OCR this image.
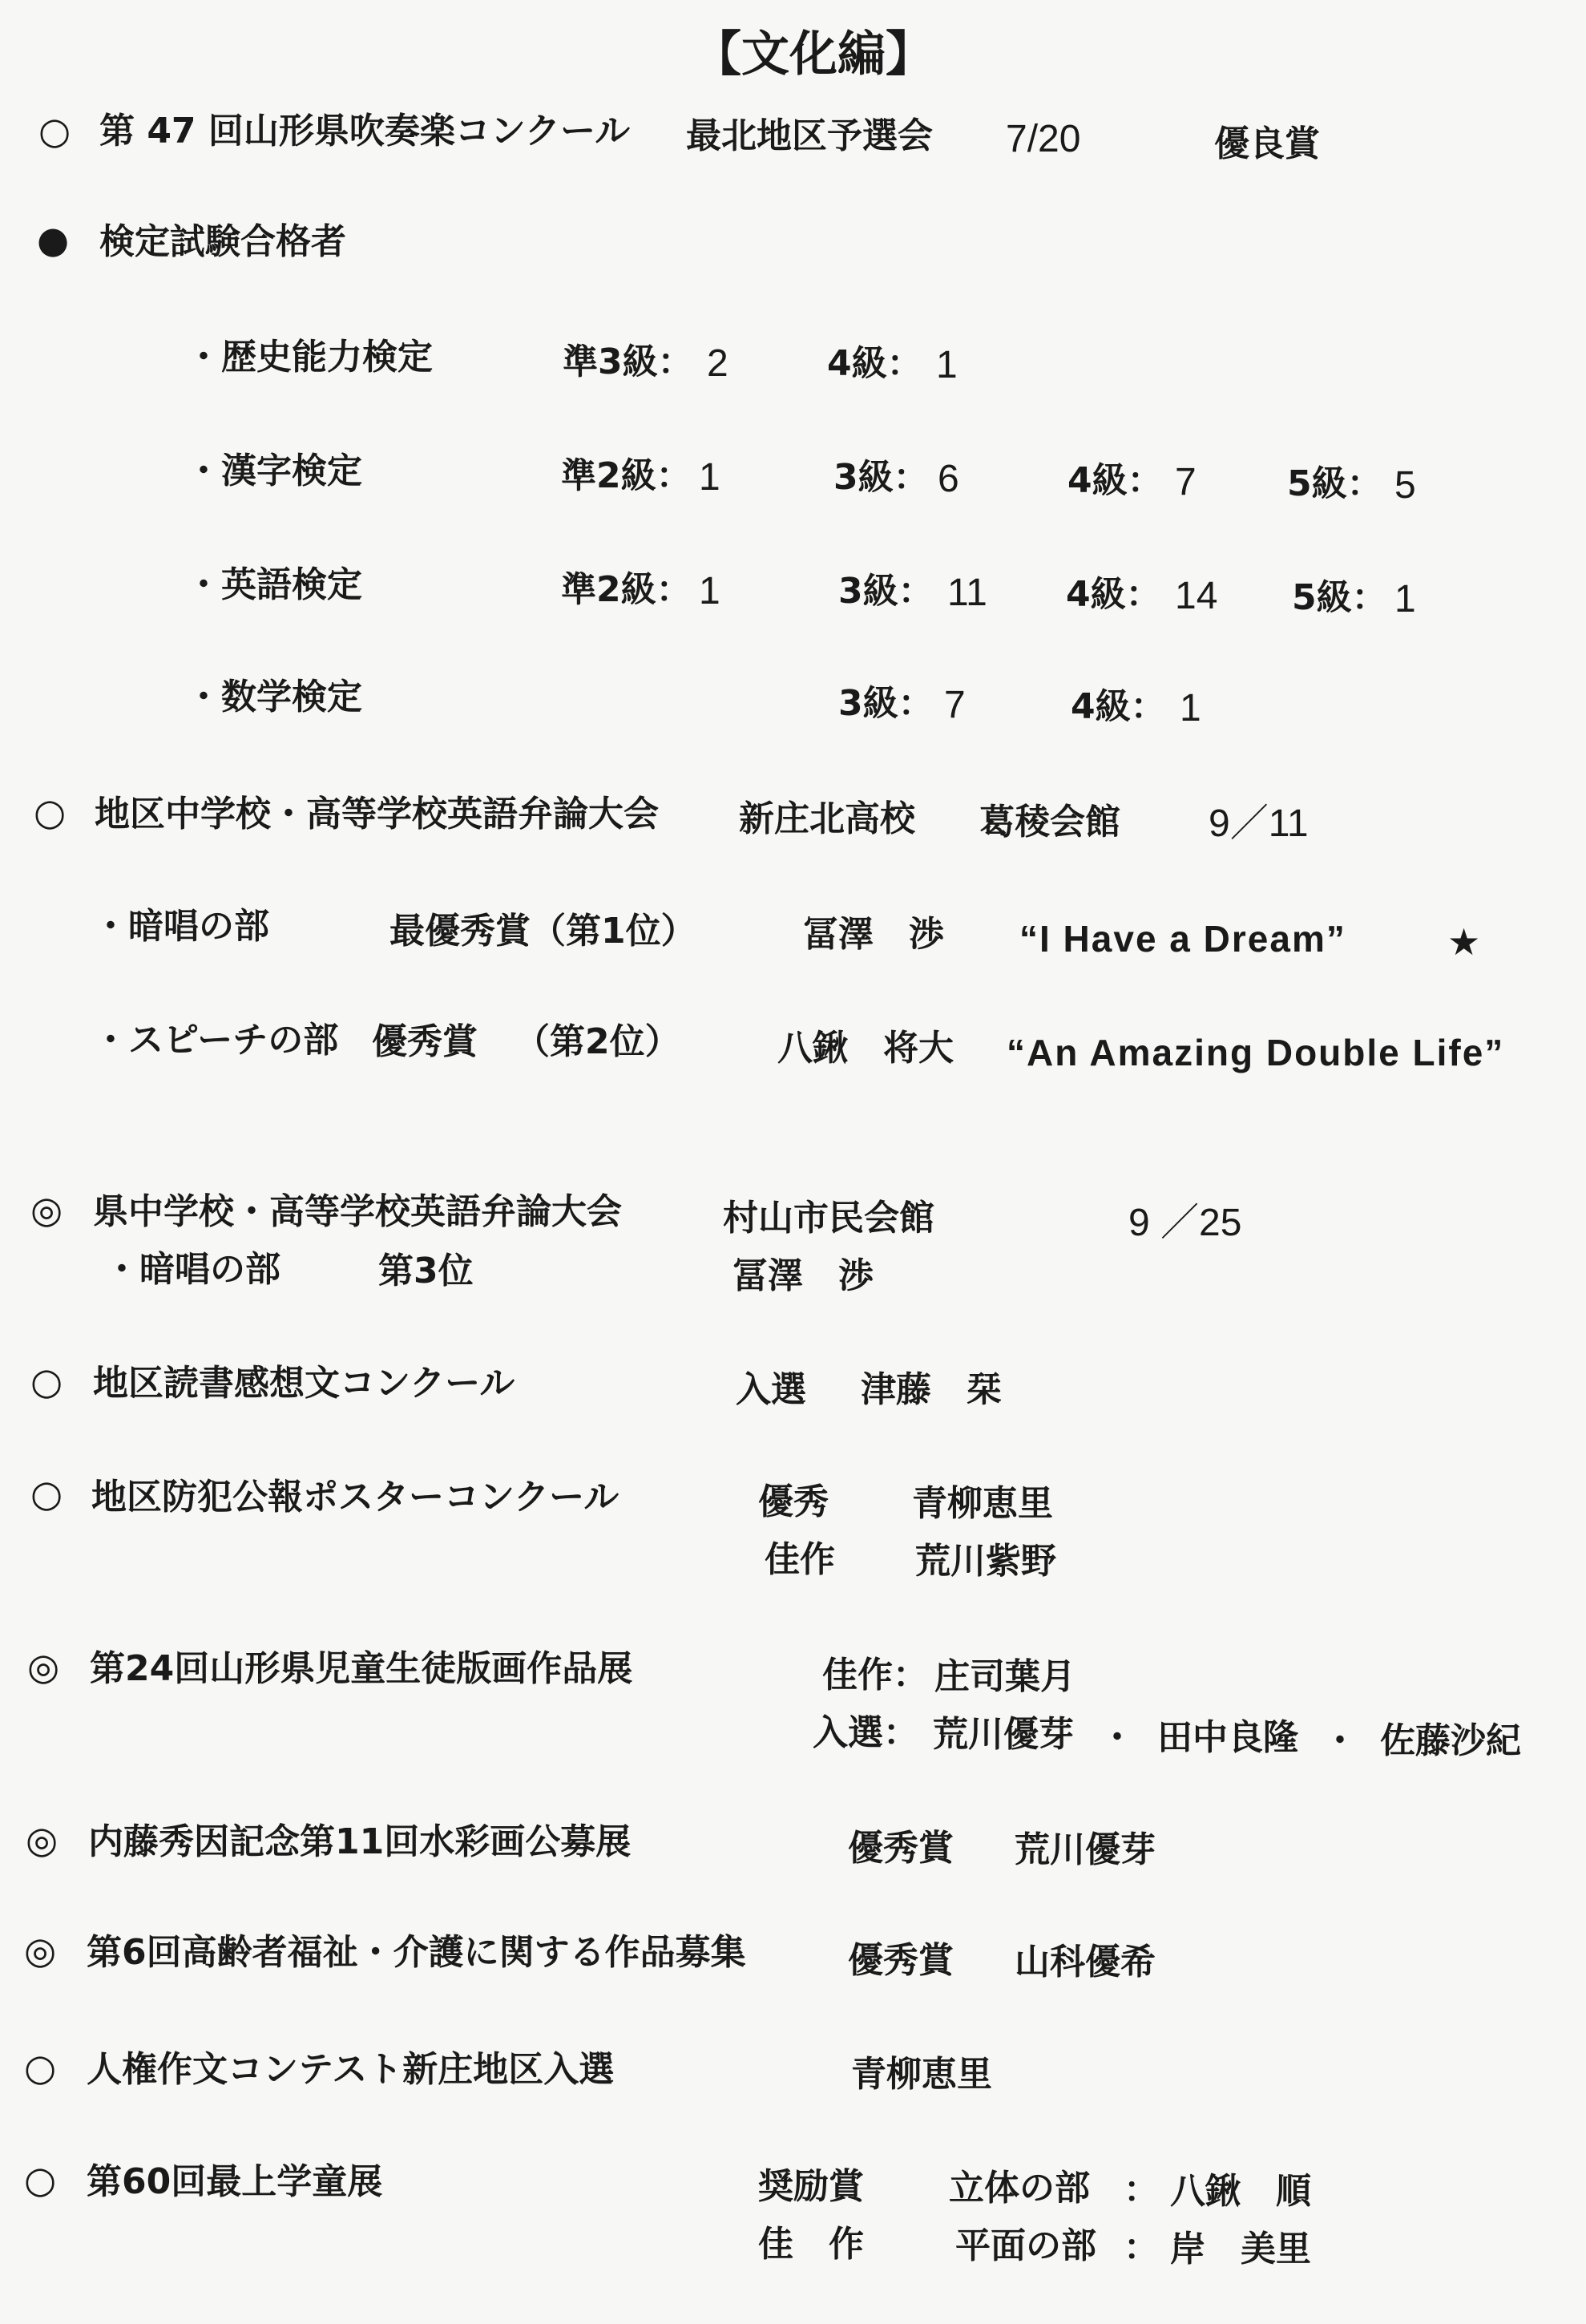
【文化編】
○ 第 47 回山形県吹奏楽コンクール 最北地区予選会 7/20	優良賞
● 検定試験合格者
・歴史能力検定	準3級： 2	4級： 1
・漢字検定	準2級： 1	3級： 6	4級： 7	5級： 5
・英語検定	準2級： 1	3級： 11 4級： 14 5級： 1
・数学検定	3級： 7	4級： 1
○ 地区中学校・高等学校英語弁論大会 新庄北高校 葛稜会館 9／11
・暗唱の部	最優秀賞（第1位）	冨澤　渉 “I Have a Dream”	★
・スピーチの部 優秀賞 （第2位）	八鍬　将大 “An Amazing Double Life”
◎ 県中学校・高等学校英語弁論大会	村山市民会館	9 ／25
・暗唱の部	第3位	冨澤　渉
○ 地区読書感想文コンクール	入選 津藤　栞
○ 地区防犯公報ポスターコンクール	優秀 青柳恵里
佳作 荒川紫野
◎ 第24回山形県児童生徒版画作品展	佳作： 庄司葉月
入選： 荒川優芽 ・ 田中良隆 ・ 佐藤沙紀
◎ 内藤秀因記念第11回水彩画公募展	優秀賞 荒川優芽
◎ 第6回高齢者福祉・介護に関する作品募集	優秀賞 山科優希
○ 人権作文コンテスト新庄地区入選	青柳恵里
○ 第60回最上学童展	奨励賞 立体の部 ： 八鍬　順
佳　作	平面の部 ： 岸　美里
